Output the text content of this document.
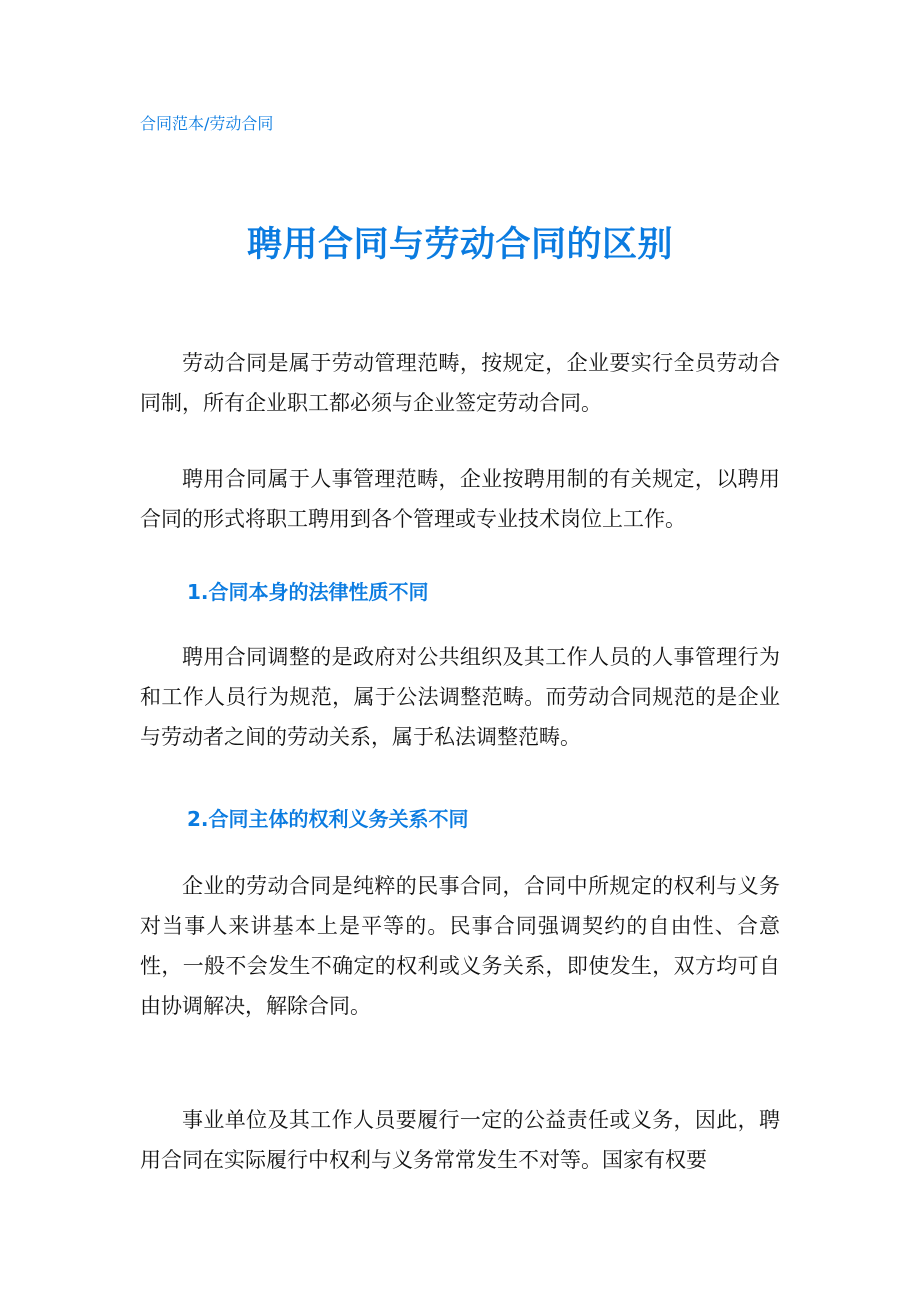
合同范本/劳动合同
聘用合同与劳动合同的区别

劳动合同是属于劳动管理范畴，按规定，企业要实行全员劳动合同制，所有企业职工都必须与企业签定劳动合同。

聘用合同属于人事管理范畴，企业按聘用制的有关规定，以聘用合同的形式将职工聘用到各个管理或专业技术岗位上工作。

1.合同本身的法律性质不同

聘用合同调整的是政府对公共组织及其工作人员的人事管理行为和工作人员行为规范，属于公法调整范畴。而劳动合同规范的是企业与劳动者之间的劳动关系，属于私法调整范畴。

2.合同主体的权利义务关系不同

企业的劳动合同是纯粹的民事合同，合同中所规定的权利与义务对当事人来讲基本上是平等的。民事合同强调契约的自由性、合意性，一般不会发生不确定的权利或义务关系，即使发生，双方均可自由协调解决，解除合同。

事业单位及其工作人员要履行一定的公益责任或义务，因此，聘用合同在实际履行中权利与义务常常发生不对等。国家有权要
